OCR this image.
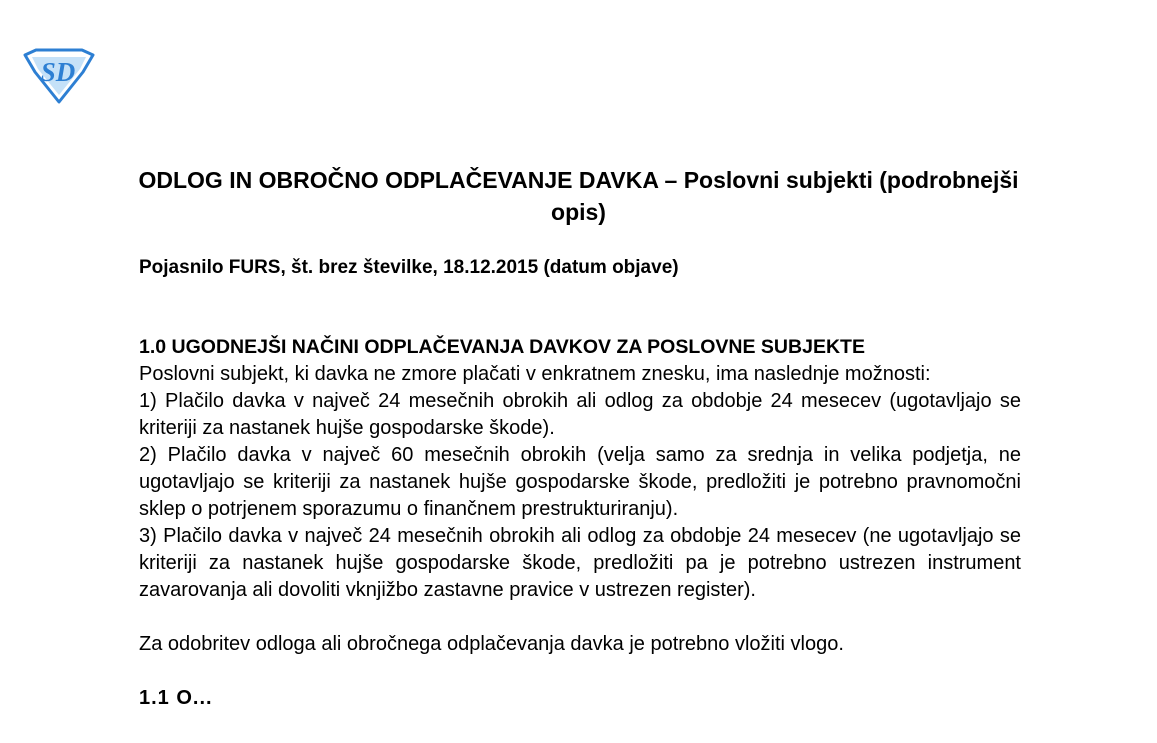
SD
ODLOG IN OBROČNO ODPLAČEVANJE DAVKA – Poslovni subjekti (podrobnejši opis)

Pojasnilo FURS, št. brez številke, 18.12.2015 (datum objave)

1.0 UGODNEJŠI NAČINI ODPLAČEVANJA DAVKOV ZA POSLOVNE SUBJEKTE

Poslovni subjekt, ki davka ne zmore plačati v enkratnem znesku, ima naslednje možnosti:

1) Plačilo davka v največ 24 mesečnih obrokih ali odlog za obdobje 24 mesecev (ugotavljajo se kriteriji za nastanek hujše gospodarske škode).

2) Plačilo davka v največ 60 mesečnih obrokih (velja samo za srednja in velika podjetja, ne ugotavljajo se kriteriji za nastanek hujše gospodarske škode, predložiti je potrebno pravnomočni sklep o potrjenem sporazumu o finančnem prestrukturiranju).

3) Plačilo davka v največ 24 mesečnih obrokih ali odlog za obdobje 24 mesecev (ne ugotavljajo se kriteriji za nastanek hujše gospodarske škode, predložiti pa je potrebno ustrezen instrument zavarovanja ali dovoliti vknjižbo zastavne pravice v ustrezen register).

Za odobritev odloga ali obročnega odplačevanja davka je potrebno vložiti vlogo.

1.1 O...
